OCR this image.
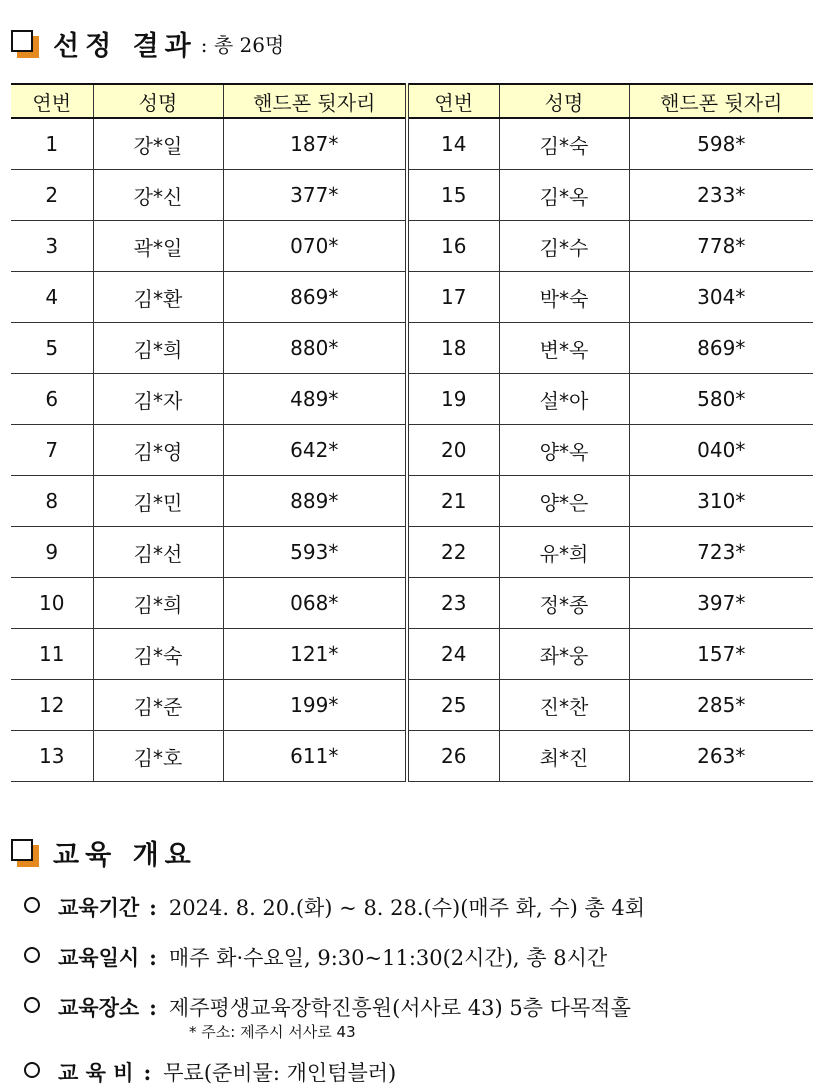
선정 결과 : 총 26명
연번	성명	핸드폰 뒷자리	연번	성명	핸드폰 뒷자리
1	강*일	187*	14	김*숙	598*
2	강*신	377*	15	김*옥	233*
3	곽*일	070*	16	김*수	778*
4	김*환	869*	17	박*숙	304*
5	김*희	880*	18	변*옥	869*
6	김*자	489*	19	설*아	580*
7	김*영	642*	20	양*옥	040*
8	김*민	889*	21	양*은	310*
9	김*선	593*	22	유*희	723*
10	김*희	068*	23	정*종	397*
11	김*숙	121*	24	좌*웅	157*
12	김*준	199*	25	진*찬	285*
13	김*호	611*	26	최*진	263*
교육 개요
교육기간 : 2024. 8. 20.(화) ~ 8. 28.(수)(매주 화, 수) 총 4회
교육일시 : 매주 화·수요일, 9:30~11:30(2시간), 총 8시간
교육장소 : 제주평생교육장학진흥원(서사로 43) 5층 다목적홀
* 주소: 제주시 서사로 43
교 육 비 : 무료(준비물: 개인텀블러)
